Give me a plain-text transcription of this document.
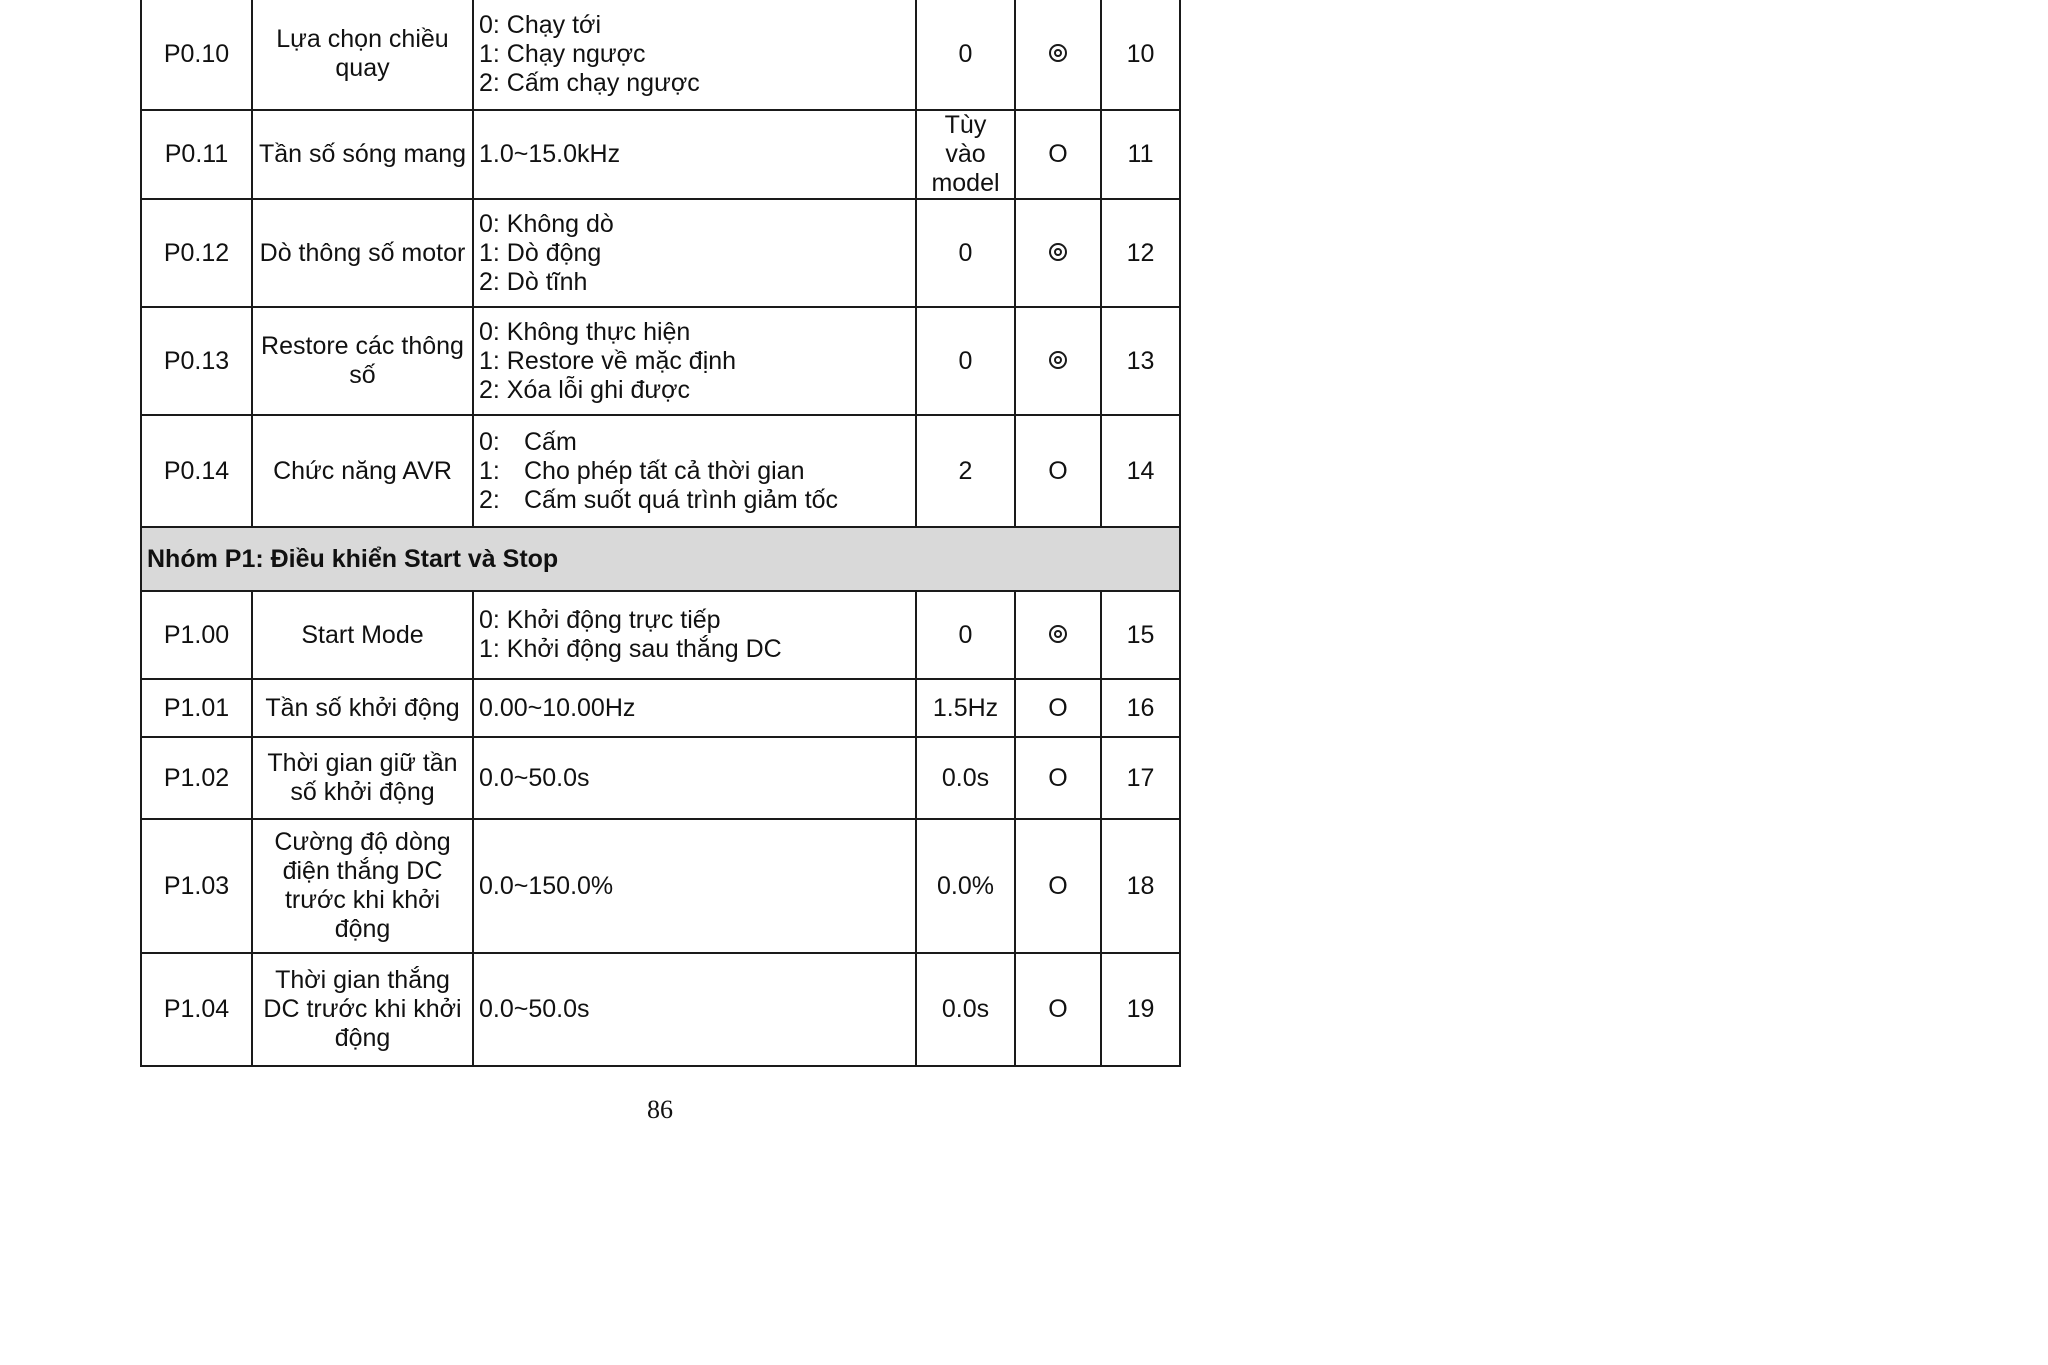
P0.10	Lựa chọn chiều quay	0: Chạy tới
1: Chạy ngược
2: Cấm chạy ngược	0		10
P0.11	Tần số sóng mang	1.0~15.0kHz	Tùy vào model	O	11
P0.12	Dò thông số motor	0: Không dò
1: Dò động
2: Dò tĩnh	0		12
P0.13	Restore các thông số	0: Không thực hiện
1: Restore về mặc định
2: Xóa lỗi ghi được	0		13
P0.14	Chức năng AVR	0: Cấm
1: Cho phép tất cả thời gian
2: Cấm suốt quá trình giảm tốc	2	O	14
Nhóm P1: Điều khiển Start và Stop					
P1.00	Start Mode	0: Khởi động trực tiếp
1: Khởi động sau thắng DC	0		15
P1.01	Tần số khởi động	0.00~10.00Hz	1.5Hz	O	16
P1.02	Thời gian giữ tần số khởi động	0.0~50.0s	0.0s	O	17
P1.03	Cường độ dòng điện thắng DC trước khi khởi động	0.0~150.0%	0.0%	O	18
P1.04	Thời gian thắng DC trước khi khởi động	0.0~50.0s	0.0s	O	19
86
